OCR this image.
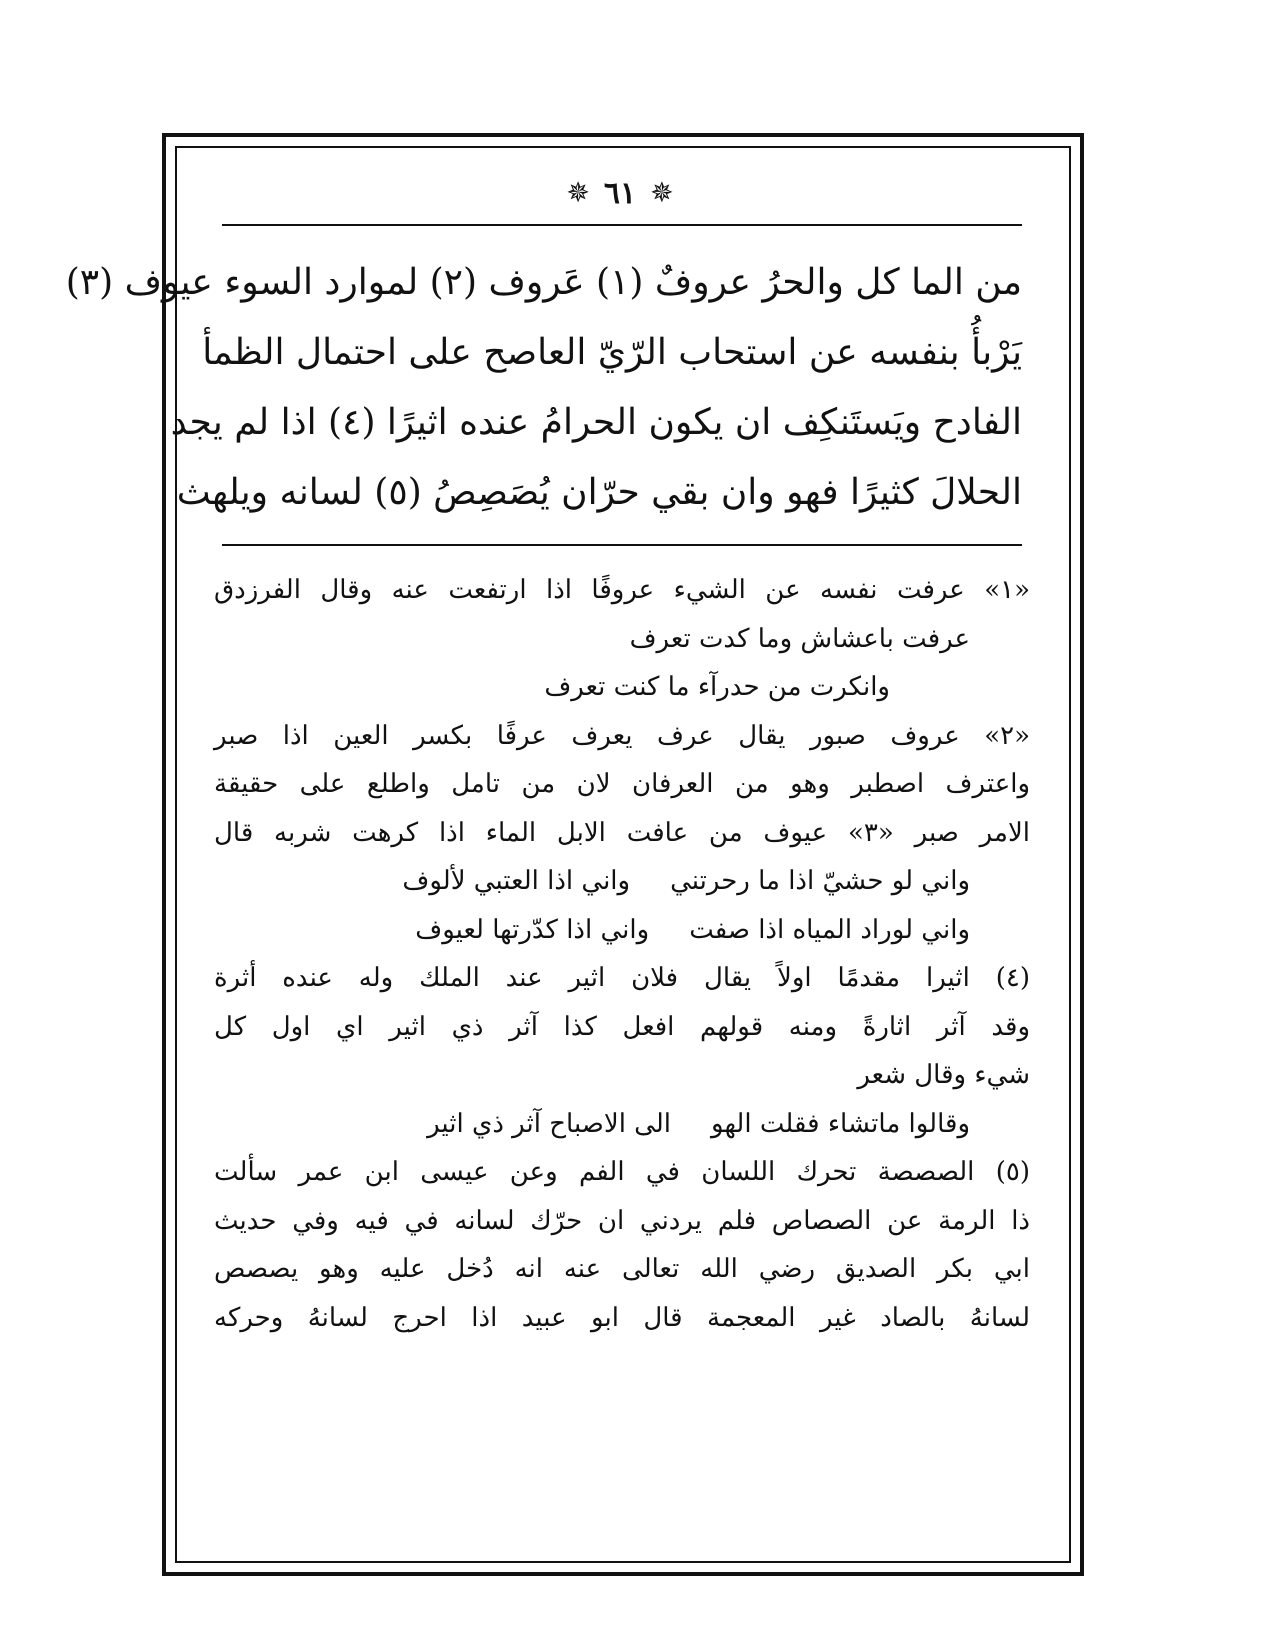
✵ ٦١ ✵
من الما كل والحرُ عروفٌ (١) عَروف (٢) لموارد السوء عيوف (٣)
يَرْبأُ بنفسه عن استحاب الرّيّ العاصح على احتمال الظمأ
الفادح ويَستَنكِف ان يكون الحرامُ عنده اثيرًا (٤) اذا لم يجد
الحلالَ كثيرًا فهو وان بقي حرّان يُصَصِصُ (٥) لسانه ويلهث
«١» عرفت نفسه عن الشيء عروفًا اذا ارتفعت عنه وقال الفرزدق
عرفت باعشاش وما كدت تعرف
وانكرت من حدرآء ما كنت تعرف
«٢» عروف صبور يقال عرف يعرف عرفًا بكسر العين اذا صبر
واعترف اصطبر وهو من العرفان لان من تامل واطلع على حقيقة
الامر صبر «٣» عيوف من عافت الابل الماء اذا كرهت شربه قال
واني لو حشيّ اذا ما رحرتني
واني اذا العتبي لألوف
واني لوراد المياه اذا صفت
واني اذا كدّرتها لعيوف
(٤) اثيرا مقدمًا اولاً يقال فلان اثير عند الملك وله عنده أثرة
وقد آثر اثارةً ومنه قولهم افعل كذا آثر ذي اثير اي اول كل
شيء وقال شعر
وقالوا ماتشاء فقلت الهو
الى الاصباح آثر ذي اثير
(٥) الصصصة تحرك اللسان في الفم وعن عيسى ابن عمر سألت
ذا الرمة عن الصصاص فلم يردني ان حرّك لسانه في فيه وفي حديث
ابي بكر الصديق رضي الله تعالى عنه انه دُخل عليه وهو يصصص
لسانهُ بالصاد غير المعجمة قال ابو عبيد اذا احرج لسانهُ وحركه
